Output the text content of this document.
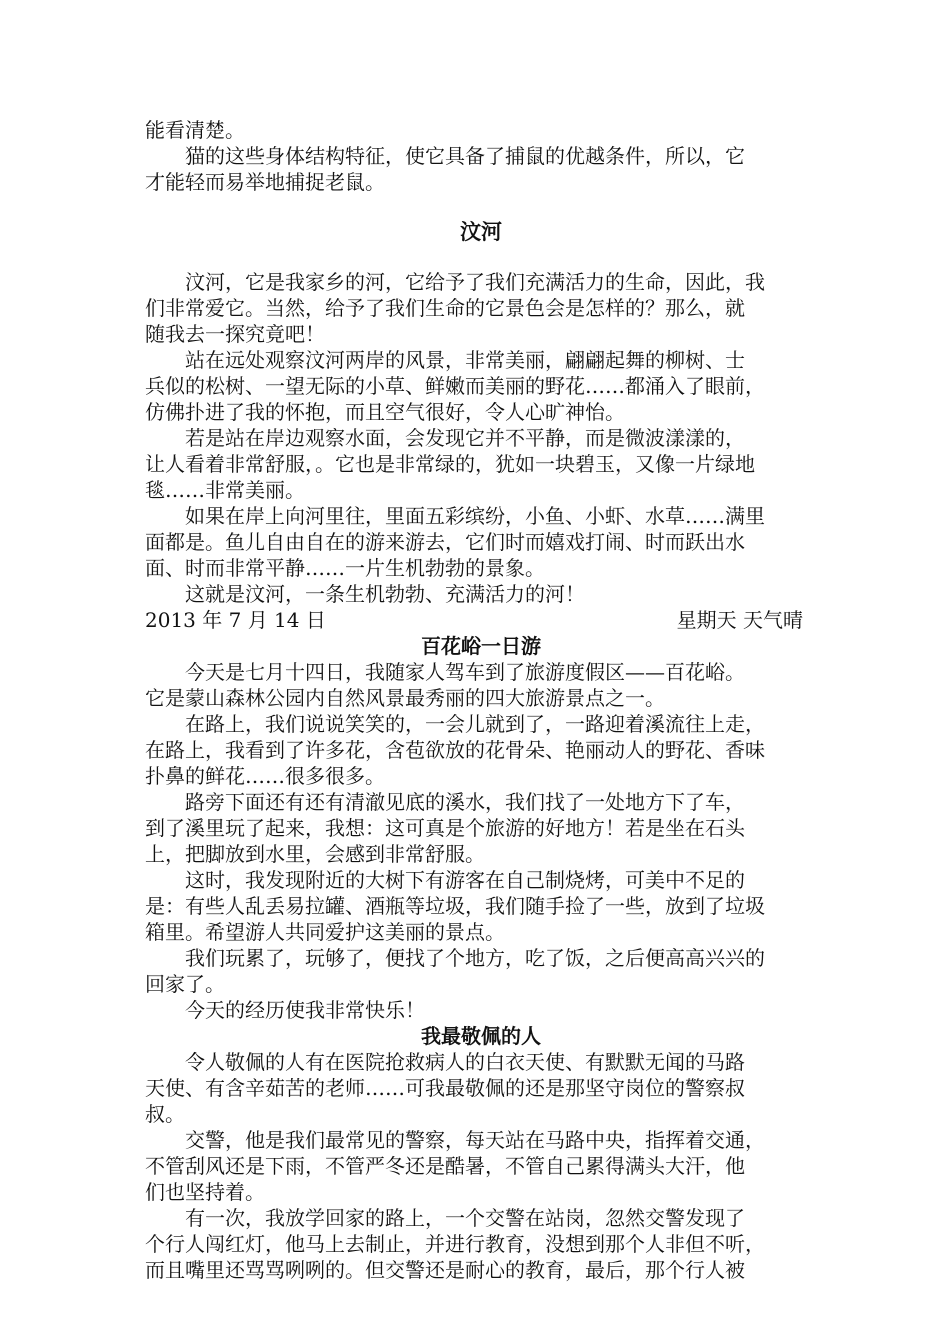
能看清楚。

猫的这些身体结构特征，使它具备了捕鼠的优越条件，所以，它

才能轻而易举地捕捉老鼠。

汶河

汶河，它是我家乡的河，它给予了我们充满活力的生命，因此，我

们非常爱它。当然，给予了我们生命的它景色会是怎样的？那么，就

随我去一探究竟吧！

站在远处观察汶河两岸的风景，非常美丽，翩翩起舞的柳树、士

兵似的松树、一望无际的小草、鲜嫩而美丽的野花……都涌入了眼前，

仿佛扑进了我的怀抱，而且空气很好，令人心旷神怡。

若是站在岸边观察水面，会发现它并不平静，而是微波漾漾的，

让人看着非常舒服，。它也是非常绿的，犹如一块碧玉，又像一片绿地

毯……非常美丽。

如果在岸上向河里往，里面五彩缤纷，小鱼、小虾、水草……满里

面都是。鱼儿自由自在的游来游去，它们时而嬉戏打闹、时而跃出水

面、时而非常平静……一片生机勃勃的景象。

这就是汶河，一条生机勃勃、充满活力的河！

2013 年 7 月 14 日	星期天 天气晴
百花峪一日游

今天是七月十四日，我随家人驾车到了旅游度假区——百花峪。

它是蒙山森林公园内自然风景最秀丽的四大旅游景点之一。

在路上，我们说说笑笑的，一会儿就到了，一路迎着溪流往上走，

在路上，我看到了许多花，含苞欲放的花骨朵、艳丽动人的野花、香味

扑鼻的鲜花……很多很多。

路旁下面还有还有清澈见底的溪水，我们找了一处地方下了车，

到了溪里玩了起来，我想：这可真是个旅游的好地方！若是坐在石头

上，把脚放到水里，会感到非常舒服。

这时，我发现附近的大树下有游客在自己制烧烤，可美中不足的

是：有些人乱丢易拉罐、酒瓶等垃圾，我们随手捡了一些，放到了垃圾

箱里。希望游人共同爱护这美丽的景点。

我们玩累了，玩够了，便找了个地方，吃了饭，之后便高高兴兴的

回家了。

今天的经历使我非常快乐！

我最敬佩的人

令人敬佩的人有在医院抢救病人的白衣天使、有默默无闻的马路

天使、有含辛茹苦的老师……可我最敬佩的还是那坚守岗位的警察叔

叔。

交警，他是我们最常见的警察，每天站在马路中央，指挥着交通，

不管刮风还是下雨，不管严冬还是酷暑，不管自己累得满头大汗，他

们也坚持着。

有一次，我放学回家的路上，一个交警在站岗，忽然交警发现了

个行人闯红灯，他马上去制止，并进行教育，没想到那个人非但不听，

而且嘴里还骂骂咧咧的。但交警还是耐心的教育，最后，那个行人被
